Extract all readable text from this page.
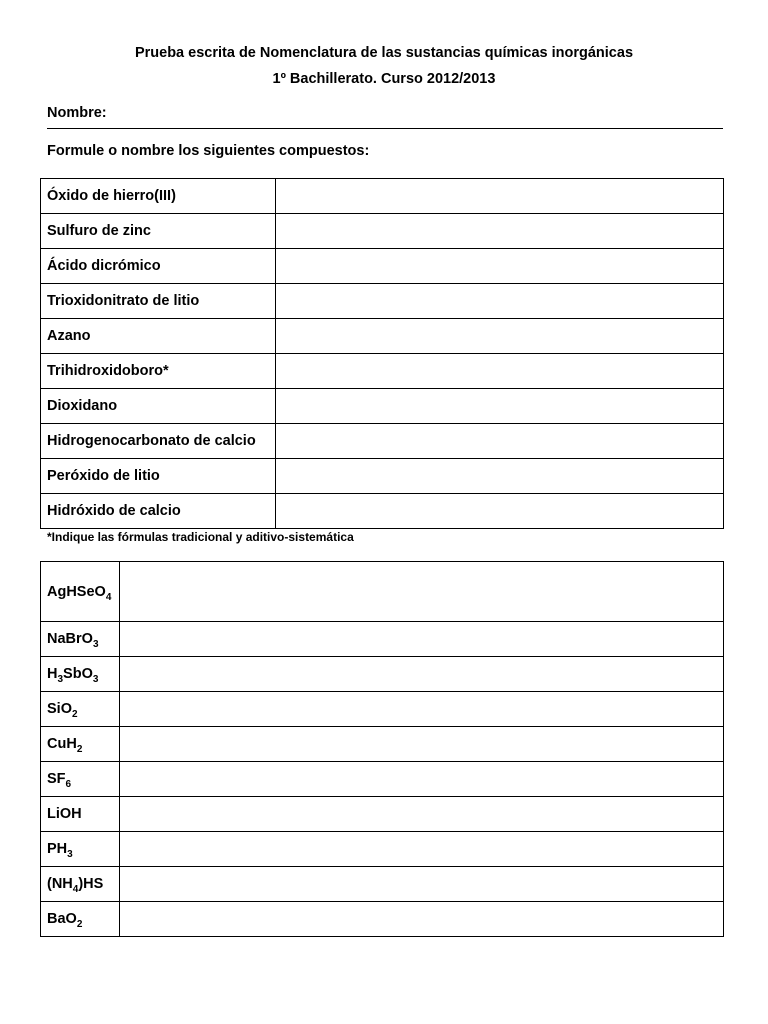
Prueba escrita de Nomenclatura de las sustancias químicas inorgánicas
1º Bachillerato. Curso 2012/2013
Nombre:
Formule o nombre los siguientes compuestos:
Óxido de hierro(III)	
Sulfuro de zinc	
Ácido dicrómico	
Trioxidonitrato de litio	
Azano	
Trihidroxidoboro*	
Dioxidano	
Hidrogenocarbonato de calcio	
Peróxido de litio	
Hidróxido de calcio	
*Indique las fórmulas tradicional y aditivo-sistemática
AgHSeO$_4$	
NaBrO$_3$	
$H_3SbO_3$	
SiO$_2$	
CuH$_2$	
$SF_6$	
LiOH	
$PH_3$	
$(NH_4)HS$	
BaO$_2$	
